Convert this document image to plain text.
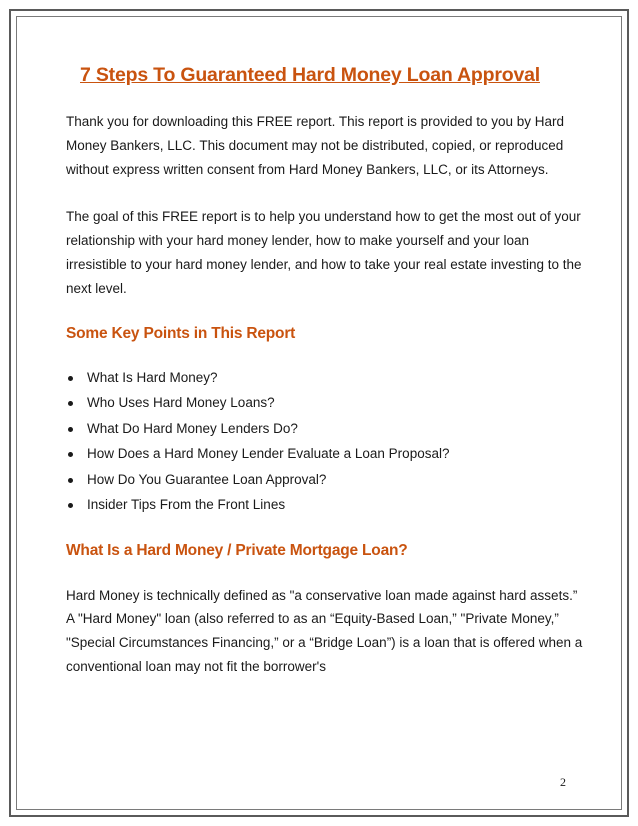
7 Steps To Guaranteed Hard Money Loan Approval

Thank you for downloading this FREE report. This report is provided to you by Hard Money Bankers, LLC. This document may not be distributed, copied, or reproduced without express written consent from Hard Money Bankers, LLC, or its Attorneys.

The goal of this FREE report is to help you understand how to get the most out of your relationship with your hard money lender, how to make yourself and your loan irresistible to your hard money lender, and how to take your real estate investing to the next level.

Some Key Points in This Report
What Is Hard Money?
Who Uses Hard Money Loans?
What Do Hard Money Lenders Do?
How Does a Hard Money Lender Evaluate a Loan Proposal?
How Do You Guarantee Loan Approval?
Insider Tips From the Front Lines
What Is a Hard Money / Private Mortgage Loan?

Hard Money is technically defined as "a conservative loan made against hard assets.” A "Hard Money" loan (also referred to as an “Equity-Based Loan,” "Private Money,” "Special Circumstances Financing,” or a “Bridge Loan”) is a loan that is offered when a conventional loan may not fit the borrower's

2
